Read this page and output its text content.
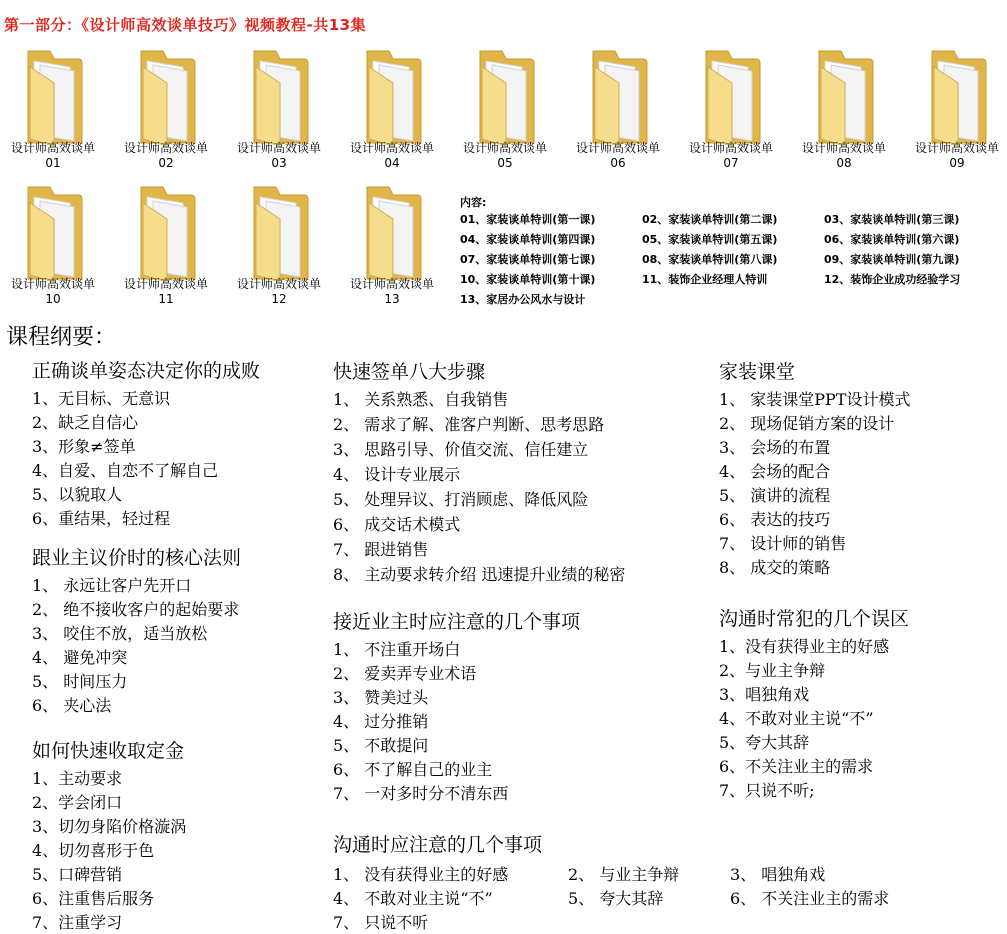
第一部分：《设计师高效谈单技巧》视频教程-共13集
设计师高效谈单
01
设计师高效谈单
02
设计师高效谈单
03
设计师高效谈单
04
设计师高效谈单
05
设计师高效谈单
06
设计师高效谈单
07
设计师高效谈单
08
设计师高效谈单
09
设计师高效谈单
10
设计师高效谈单
11
设计师高效谈单
12
设计师高效谈单
13
内容:
01、家装谈单特训(第一课)	02、家装谈单特训(第二课)	03、家装谈单特训(第三课)
04、家装谈单特训(第四课)	05、家装谈单特训(第五课)	06、家装谈单特训(第六课)
07、家装谈单特训(第七课)	08、家装谈单特训(第八课)	09、家装谈单特训(第九课)
10、家装谈单特训(第十课)	11、装饰企业经理人特训	12、装饰企业成功经验学习
13、家居办公风水与设计
课程纲要：
正确谈单姿态决定你的成败
1、无目标、无意识
2、缺乏自信心
3、形象≠签单
4、自爱、自恋不了解自己
5、以貌取人
6、重结果，轻过程
跟业主议价时的核心法则
1、 永远让客户先开口
2、 绝不接收客户的起始要求
3、 咬住不放，适当放松
4、 避免冲突
5、 时间压力
6、 夹心法
如何快速收取定金
1、主动要求
2、学会闭口
3、切勿身陷价格漩涡
4、切勿喜形于色
5、口碑营销
6、注重售后服务
7、注重学习
快速签单八大步骤
1、 关系熟悉、自我销售
2、 需求了解、准客户判断、思考思路
3、 思路引导、价值交流、信任建立
4、 设计专业展示
5、 处理异议、打消顾虑、降低风险
6、 成交话术模式
7、 跟进销售
8、 主动要求转介绍 迅速提升业绩的秘密
接近业主时应注意的几个事项
1、 不注重开场白
2、 爱卖弄专业术语
3、 赞美过头
4、 过分推销
5、 不敢提问
6、 不了解自己的业主
7、 一对多时分不清东西
沟通时应注意的几个事项
1、 没有获得业主的好感	2、 与业主争辩	3、 唱独角戏
4、 不敢对业主说“不”	5、 夸大其辞	6、 不关注业主的需求
7、 只说不听
家装课堂
1、 家装课堂PPT设计模式
2、 现场促销方案的设计
3、 会场的布置
4、 会场的配合
5、 演讲的流程
6、 表达的技巧
7、 设计师的销售
8、 成交的策略
沟通时常犯的几个误区
1、没有获得业主的好感
2、与业主争辩
3、唱独角戏
4、不敢对业主说“不”
5、夸大其辞
6、不关注业主的需求
7、只说不听;
